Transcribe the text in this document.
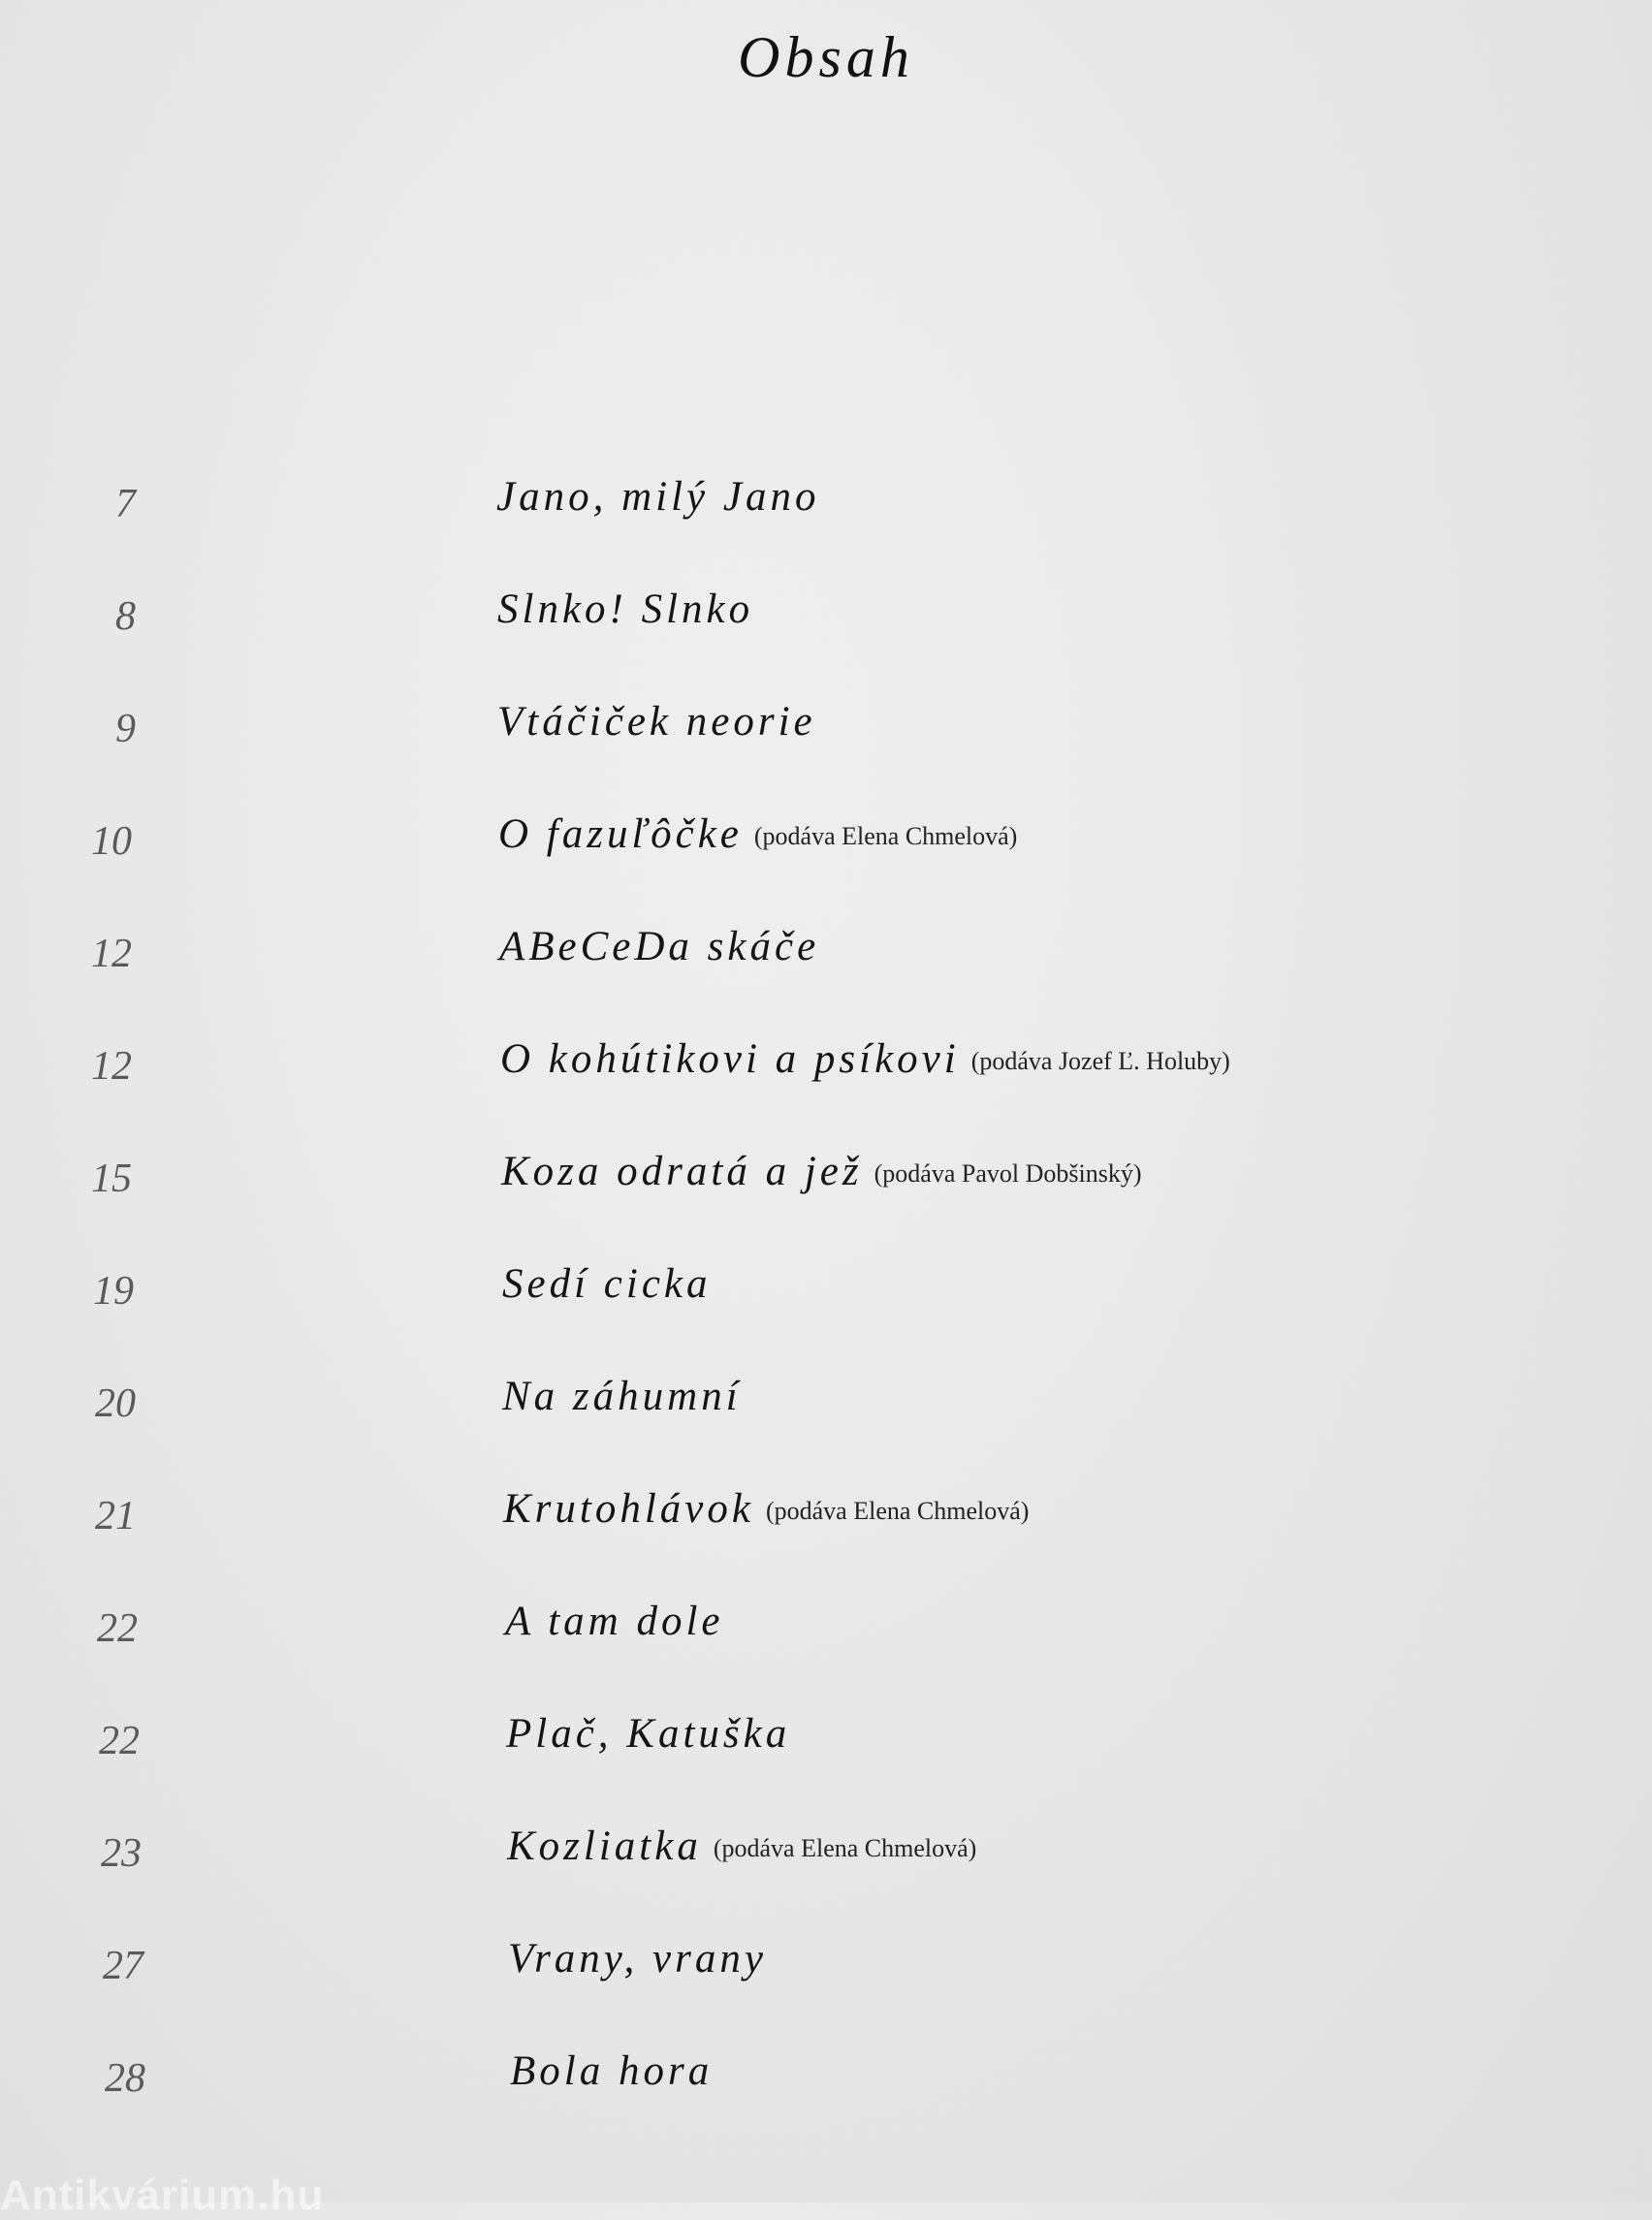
Obsah
7	Jano, milý Jano
8	Slnko! Slnko
9	Vtáčiček neorie
10	O fazuľôčke (podáva Elena Chmelová)
12	ABeCeDa skáče
12	O kohútikovi a psíkovi (podáva Jozef Ľ. Holuby)
15	Koza odratá a jež (podáva Pavol Dobšinský)
19	Sedí cicka
20	Na záhumní
21	Krutohlávok (podáva Elena Chmelová)
22	A tam dole
22	Plač, Katuška
23	Kozliatka (podáva Elena Chmelová)
27	Vrany, vrany
28	Bola hora
Antikvárium.hu
